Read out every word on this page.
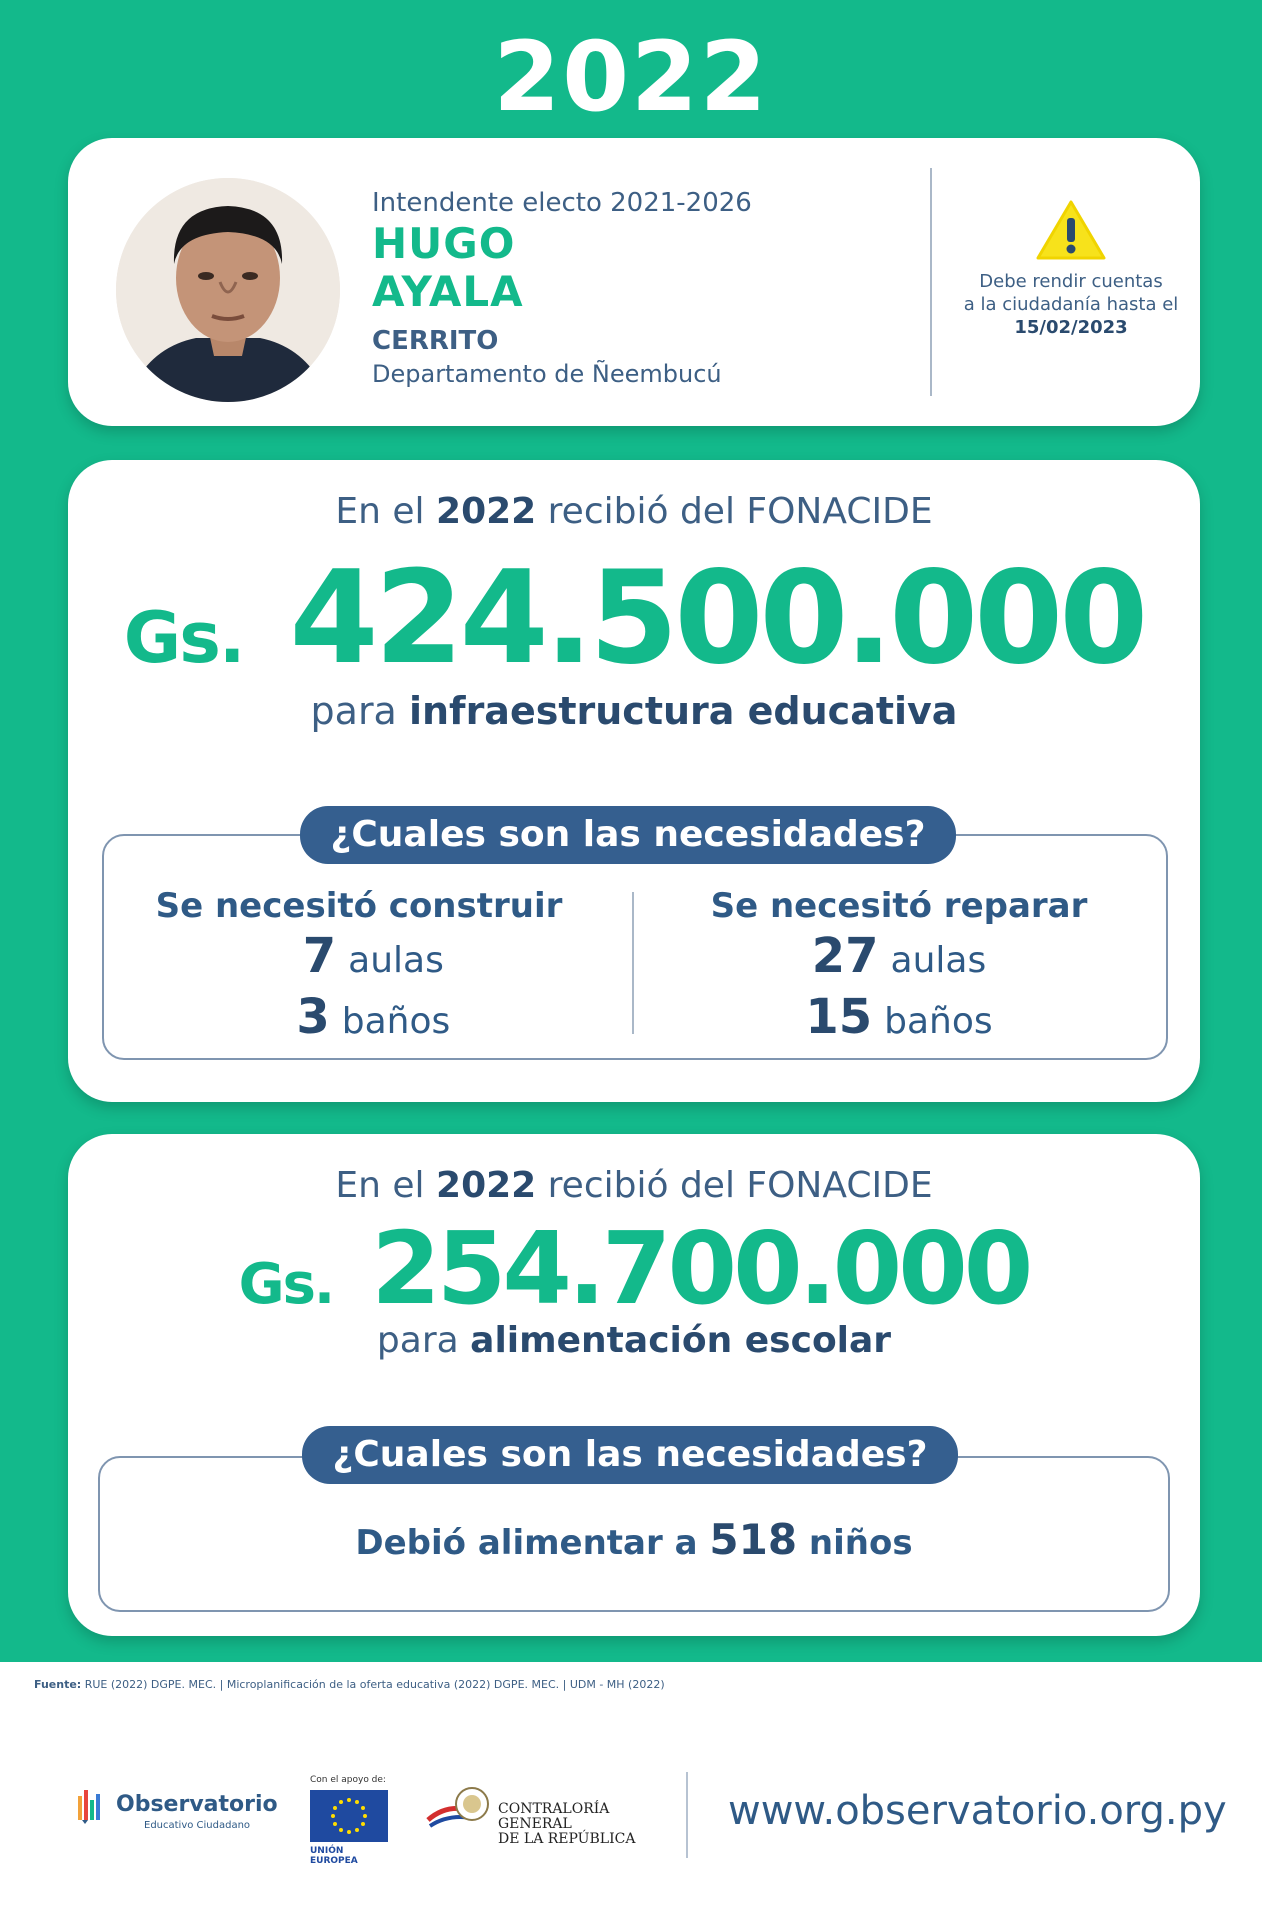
2022
Intendente electo 2021-2026
HUGO
AYALA
CERRITO
Departamento de Ñeembucú
Debe rendir cuentas
a la ciudadanía hasta el
15/02/2023
En el 2022 recibió del FONACIDE
Gs. 424.500.000
para infraestructura educativa
Se necesitó construir
7 aulas
3 baños
Se necesitó reparar
27 aulas
15 baños
¿Cuales son las necesidades?
En el 2022 recibió del FONACIDE
Gs. 254.700.000
para alimentación escolar
Debió alimentar a 518 niños
¿Cuales son las necesidades?
Fuente: RUE (2022) DGPE. MEC. | Microplanificación de la oferta educativa (2022) DGPE. MEC. | UDM - MH (2022)
Observatorio
Educativo Ciudadano
Con el apoyo de:
UNIÓN EUROPEA
CONTRALORÍA GENERAL
DE LA REPÚBLICA
www.observatorio.org.py
